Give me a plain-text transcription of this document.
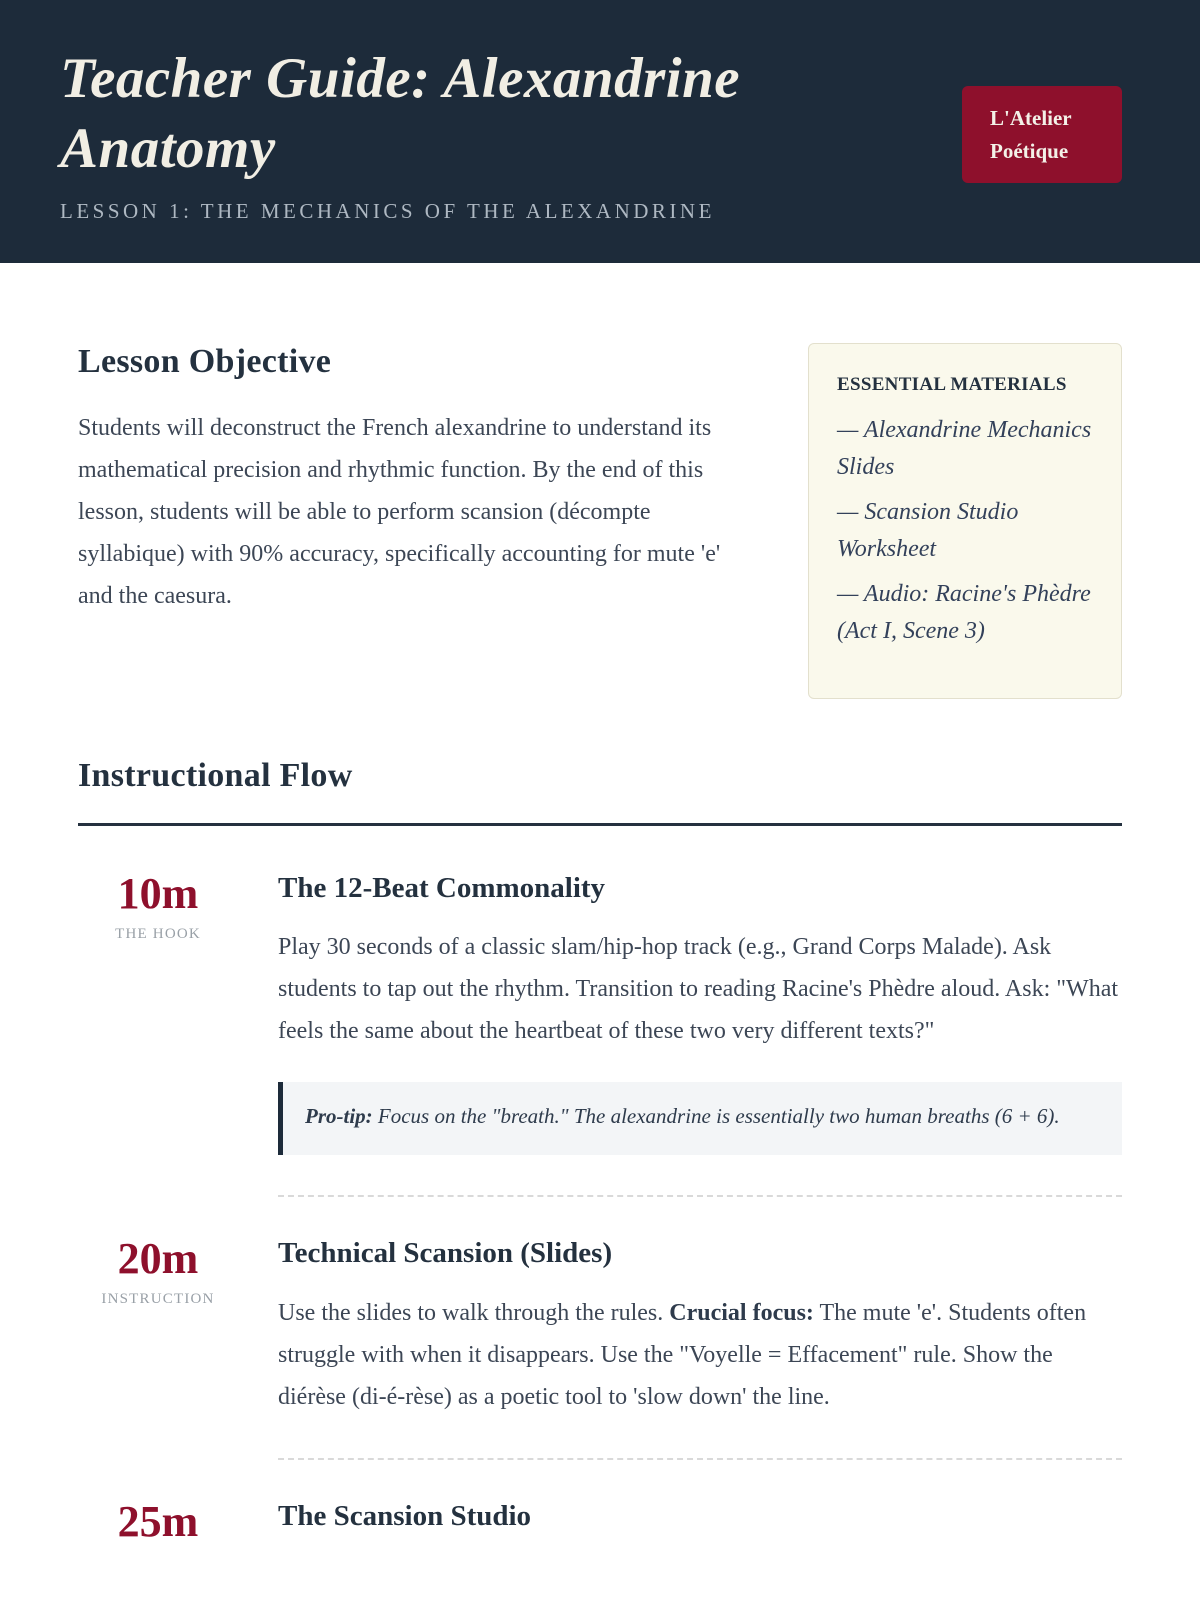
Teacher Guide: Alexandrine Anatomy
LESSON 1: THE MECHANICS OF THE ALEXANDRINE
L'Atelier Poétique
Lesson Objective

Students will deconstruct the French alexandrine to understand its mathematical precision and rhythmic function. By the end of this lesson, students will be able to perform scansion (décompte syllabique) with 90% accuracy, specifically accounting for mute 'e' and the caesura.

ESSENTIAL MATERIALS

— Alexandrine Mechanics Slides

— Scansion Studio Worksheet

— Audio: Racine's Phèdre (Act I, Scene 3)

Instructional Flow
10m
THE HOOK
The 12-Beat Commonality

Play 30 seconds of a classic slam/hip-hop track (e.g., Grand Corps Malade). Ask students to tap out the rhythm. Transition to reading Racine's Phèdre aloud. Ask: "What feels the same about the heartbeat of these two very different texts?"

Pro-tip: Focus on the "breath." The alexandrine is essentially two human breaths (6 + 6).
20m
INSTRUCTION
Technical Scansion (Slides)

Use the slides to walk through the rules. Crucial focus: The mute 'e'. Students often struggle with when it disappears. Use the "Voyelle = Effacement" rule. Show the diérèse (di-é-rèse) as a poetic tool to 'slow down' the line.

25m	The Scansion Studio
